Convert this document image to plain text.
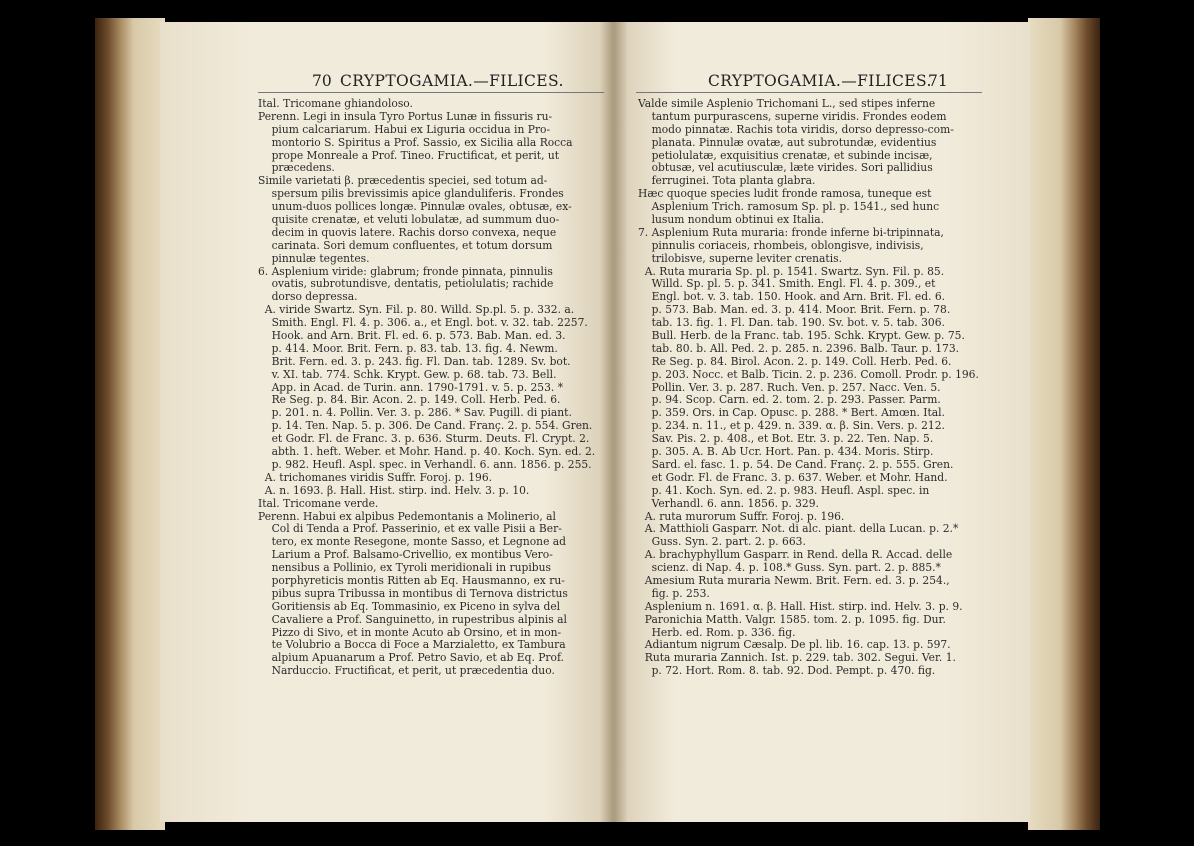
70 CRYPTOGAMIA.—FILICES.	CRYPTOGAMIA.—FILICES.
71
Ital. Tricomane ghiandoloso.
Perenn. Legi in insula Tyro Portus Lunæ in fissuris ru-
pium calcariarum. Habui ex Liguria occidua in Pro-
montorio S. Spiritus a Prof. Sassio, ex Sicilia alla Rocca
prope Monreale a Prof. Tineo. Fructificat, et perit, ut
præcedens.
Simile varietati β. præcedentis speciei, sed totum ad-
spersum pilis brevissimis apice glanduliferis. Frondes
unum-duos pollices longæ. Pinnulæ ovales, obtusæ, ex-
quisite crenatæ, et veluti lobulatæ, ad summum duo-
decim in quovis latere. Rachis dorso convexa, neque
carinata. Sori demum confluentes, et totum dorsum
pinnulæ tegentes.
6. Asplenium viride: glabrum; fronde pinnata, pinnulis
ovatis, subrotundisve, dentatis, petiolulatis; rachide
dorso depressa.
A. viride Swartz. Syn. Fil. p. 80. Willd. Sp.pl. 5. p. 332. a.
Smith. Engl. Fl. 4. p. 306. a., et Engl. bot. v. 32. tab. 2257.
Hook. and Arn. Brit. Fl. ed. 6. p. 573. Bab. Man. ed. 3.
p. 414. Moor. Brit. Fern. p. 83. tab. 13. fig. 4. Newm.
Brit. Fern. ed. 3. p. 243. fig. Fl. Dan. tab. 1289. Sv. bot.
v. XI. tab. 774. Schk. Krypt. Gew. p. 68. tab. 73. Bell.
App. in Acad. de Turin. ann. 1790-1791. v. 5. p. 253. *
Re Seg. p. 84. Bir. Acon. 2. p. 149. Coll. Herb. Ped. 6.
p. 201. n. 4. Pollin. Ver. 3. p. 286. * Sav. Pugill. di piant.
p. 14. Ten. Nap. 5. p. 306. De Cand. Franç. 2. p. 554. Gren.
et Godr. Fl. de Franc. 3. p. 636. Sturm. Deuts. Fl. Crypt. 2.
abth. 1. heft. Weber. et Mohr. Hand. p. 40. Koch. Syn. ed. 2.
p. 982. Heufl. Aspl. spec. in Verhandl. 6. ann. 1856. p. 255.
A. trichomanes viridis Suffr. Foroj. p. 196.
A. n. 1693. β. Hall. Hist. stirp. ind. Helv. 3. p. 10.
Ital. Tricomane verde.
Perenn. Habui ex alpibus Pedemontanis a Molinerio, al
Col di Tenda a Prof. Passerinio, et ex valle Pisii a Ber-
tero, ex monte Resegone, monte Sasso, et Legnone ad
Larium a Prof. Balsamo-Crivellio, ex montibus Vero-
nensibus a Pollinio, ex Tyroli meridionali in rupibus
porphyreticis montis Ritten ab Eq. Hausmanno, ex ru-
pibus supra Tribussa in montibus di Ternova districtus
Goritiensis ab Eq. Tommasinio, ex Piceno in sylva del
Cavaliere a Prof. Sanguinetto, in rupestribus alpinis al
Pizzo di Sivo, et in monte Acuto ab Orsino, et in mon-
te Volubrio a Bocca di Foce a Marzialetto, ex Tambura
alpium Apuanarum a Prof. Petro Savio, et ab Eq. Prof.
Narduccio. Fructificat, et perit, ut præcedentia duo.
Valde simile Asplenio Trichomani L., sed stipes inferne
tantum purpurascens, superne viridis. Frondes eodem
modo pinnatæ. Rachis tota viridis, dorso depresso-com-
planata. Pinnulæ ovatæ, aut subrotundæ, evidentius
petiolulatæ, exquisitius crenatæ, et subinde incisæ,
obtusæ, vel acutiusculæ, læte virides. Sori pallidius
ferruginei. Tota planta glabra.
Hæc quoque species ludit fronde ramosa, tuneque est
Asplenium Trich. ramosum Sp. pl. p. 1541., sed hunc
lusum nondum obtinui ex Italia.
7. Asplenium Ruta muraria: fronde inferne bi-tripinnata,
pinnulis coriaceis, rhombeis, oblongisve, indivisis,
trilobisve, superne leviter crenatis.
A. Ruta muraria Sp. pl. p. 1541. Swartz. Syn. Fil. p. 85.
Willd. Sp. pl. 5. p. 341. Smith. Engl. Fl. 4. p. 309., et
Engl. bot. v. 3. tab. 150. Hook. and Arn. Brit. Fl. ed. 6.
p. 573. Bab. Man. ed. 3. p. 414. Moor. Brit. Fern. p. 78.
tab. 13. fig. 1. Fl. Dan. tab. 190. Sv. bot. v. 5. tab. 306.
Bull. Herb. de la Franc. tab. 195. Schk. Krypt. Gew. p. 75.
tab. 80. b. All. Ped. 2. p. 285. n. 2396. Balb. Taur. p. 173.
Re Seg. p. 84. Birol. Acon. 2. p. 149. Coll. Herb. Ped. 6.
p. 203. Nocc. et Balb. Ticin. 2. p. 236. Comoll. Prodr. p. 196.
Pollin. Ver. 3. p. 287. Ruch. Ven. p. 257. Nacc. Ven. 5.
p. 94. Scop. Carn. ed. 2. tom. 2. p. 293. Passer. Parm.
p. 359. Ors. in Cap. Opusc. p. 288. * Bert. Amœn. Ital.
p. 234. n. 11., et p. 429. n. 339. α. β. Sin. Vers. p. 212.
Sav. Pis. 2. p. 408., et Bot. Etr. 3. p. 22. Ten. Nap. 5.
p. 305. A. B. Ab Ucr. Hort. Pan. p. 434. Moris. Stirp.
Sard. el. fasc. 1. p. 54. De Cand. Franç. 2. p. 555. Gren.
et Godr. Fl. de Franc. 3. p. 637. Weber. et Mohr. Hand.
p. 41. Koch. Syn. ed. 2. p. 983. Heufl. Aspl. spec. in
Verhandl. 6. ann. 1856. p. 329.
A. ruta murorum Suffr. Foroj. p. 196.
A. Matthioli Gasparr. Not. di alc. piant. della Lucan. p. 2.*
Guss. Syn. 2. part. 2. p. 663.
A. brachyphyllum Gasparr. in Rend. della R. Accad. delle
scienz. di Nap. 4. p. 108.* Guss. Syn. part. 2. p. 885.*
Amesium Ruta muraria Newm. Brit. Fern. ed. 3. p. 254.,
fig. p. 253.
Asplenium n. 1691. α. β. Hall. Hist. stirp. ind. Helv. 3. p. 9.
Paronichia Matth. Valgr. 1585. tom. 2. p. 1095. fig. Dur.
Herb. ed. Rom. p. 336. fig.
Adiantum nigrum Cæsalp. De pl. lib. 16. cap. 13. p. 597.
Ruta muraria Zannich. Ist. p. 229. tab. 302. Segui. Ver. 1.
p. 72. Hort. Rom. 8. tab. 92. Dod. Pempt. p. 470. fig.
